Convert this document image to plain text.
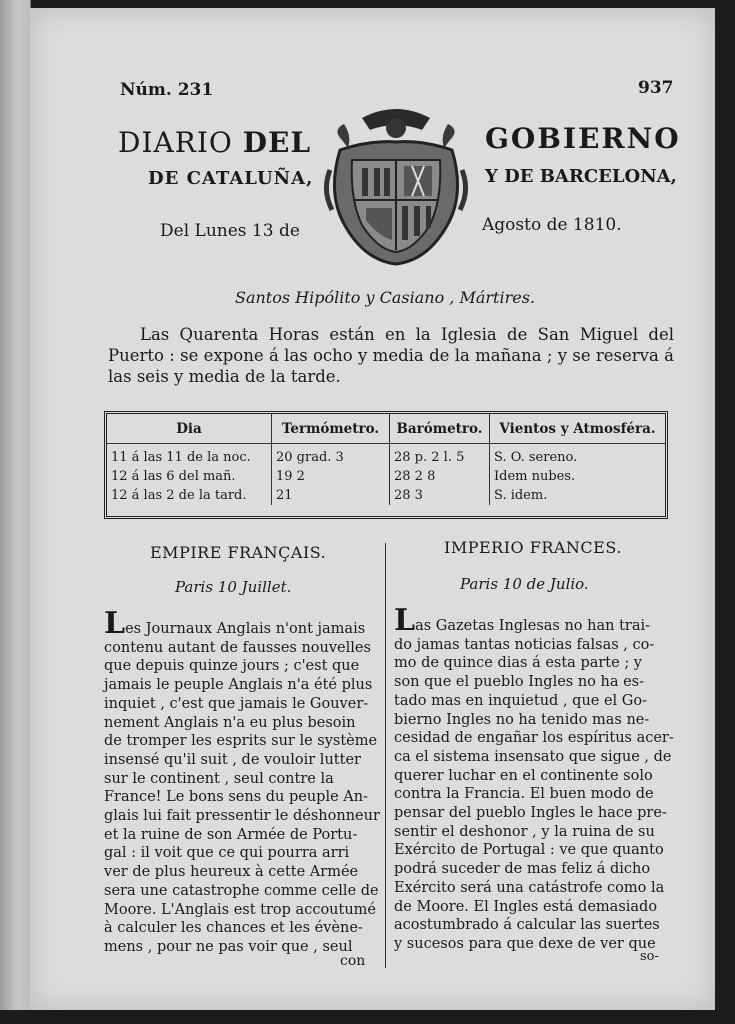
Núm. 231	937
DIARIO DEL	GOBIERNO
DE CATALUÑA,	Y DE BARCELONA,
Del Lunes 13 de	Agosto de 1810.
Santos Hipólito y Casiano , Mártires.
Las Quarenta Horas están en la Iglesia de San Miguel del Puerto : se expone á las ocho y media de la mañana ; y se reserva á las seis y media de la tarde.
Dia	Termómetro.	Barómetro.	Vientos y Atmosféra.
11 á las 11 de la noc.	20 grad. 3	28 p. 2 l. 5	S. O. sereno.
12 á las 6 del mañ.	19 2	28 2 8	Idem nubes.
12 á las 2 de la tard.	21	28 3	S. idem.
EMPIRE FRANÇAIS.	IMPERIO FRANCES.
Paris 10 Juillet.	Paris 10 de Julio.
Les Journaux Anglais n'ont jamais
contenu autant de fausses nouvelles
que depuis quinze jours ; c'est que
jamais le peuple Anglais n'a été plus
inquiet , c'est que jamais le Gouver-
nement Anglais n'a eu plus besoin
de tromper les esprits sur le système
insensé qu'il suit , de vouloir lutter
sur le continent , seul contre la
France! Le bons sens du peuple An-
glais lui fait pressentir le déshonneur
et la ruine de son Armée de Portu-
gal : il voit que ce qui pourra arri
ver de plus heureux à cette Armée
sera une catastrophe comme celle de
Moore. L'Anglais est trop accoutumé
à calculer les chances et les évène-
mens , pour ne pas voir que , seul
Las Gazetas Inglesas no han trai-
do jamas tantas noticias falsas , co-
mo de quince dias á esta parte ; y
son que el pueblo Ingles no ha es-
tado mas en inquietud , que el Go-
bierno Ingles no ha tenido mas ne-
cesidad de engañar los espíritus acer-
ca el sistema insensato que sigue , de
querer luchar en el continente solo
contra la Francia. El buen modo de
pensar del pueblo Ingles le hace pre-
sentir el deshonor , y la ruina de su
Exército de Portugal : ve que quanto
podrá suceder de mas feliz á dicho
Exército será una catástrofe como la
de Moore. El Ingles está demasiado
acostumbrado á calcular las suertes
y sucesos para que dexe de ver que
con	so-
